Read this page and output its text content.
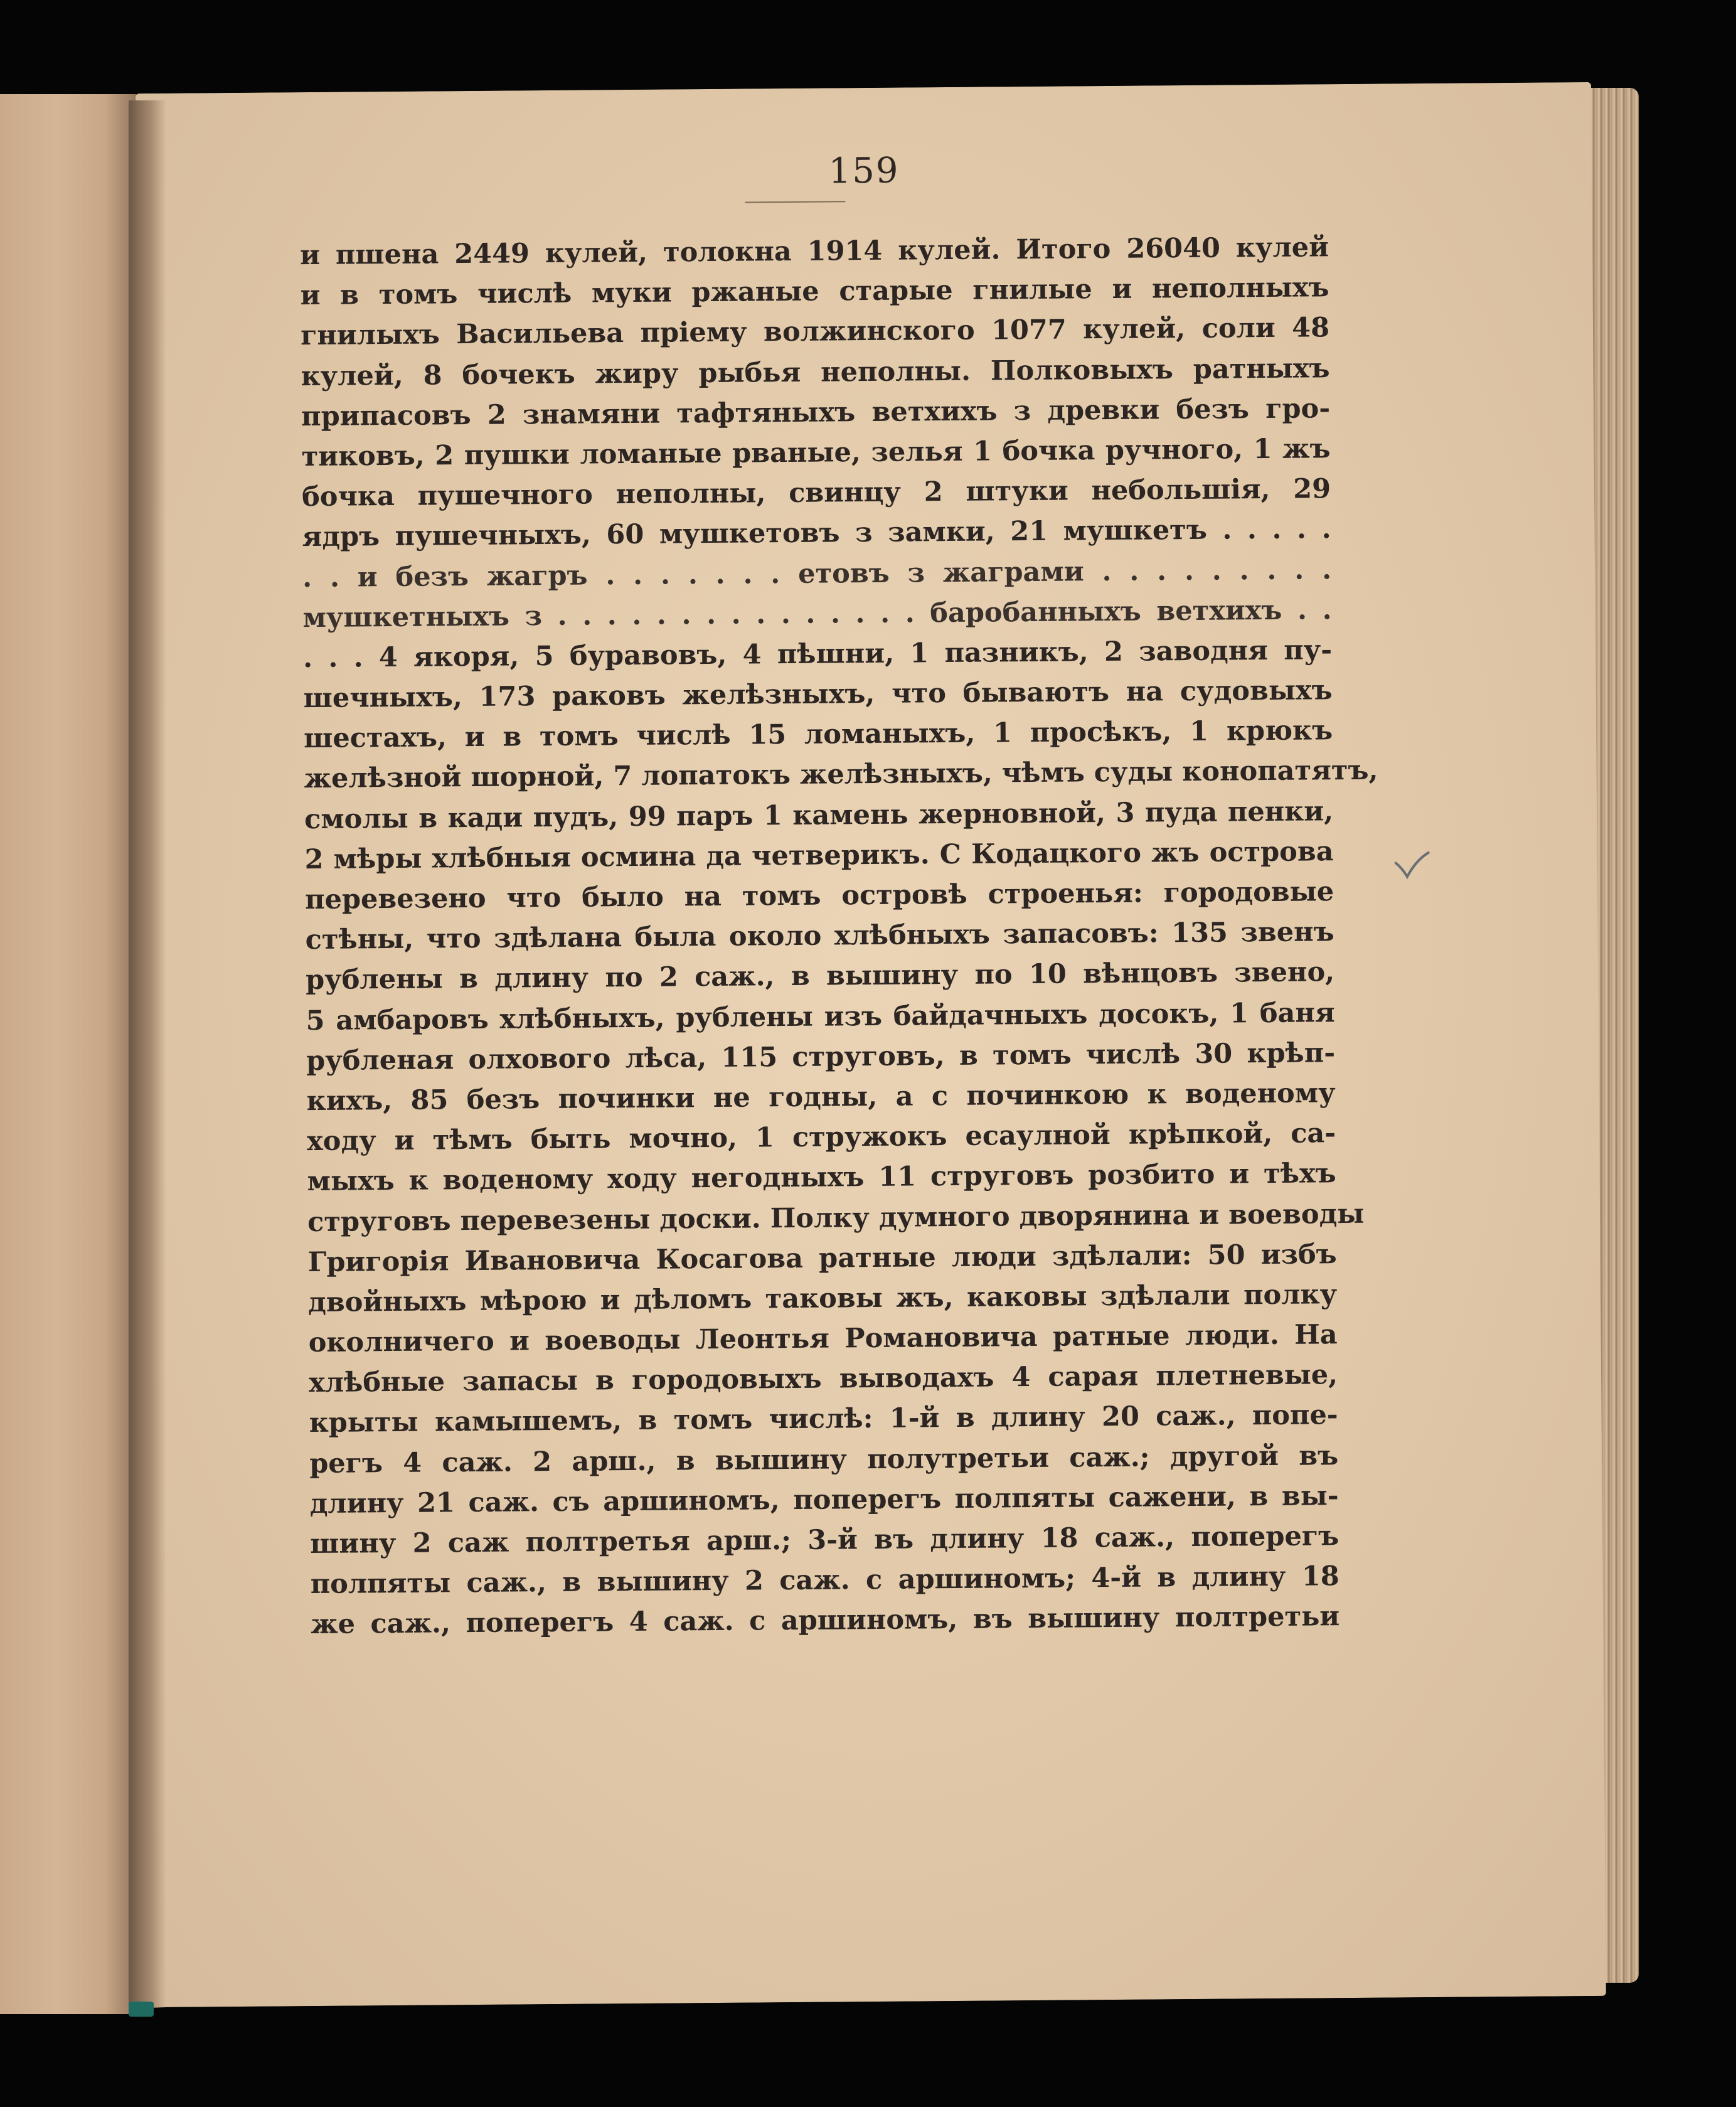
159
и пшена 2449 кулей, толокна 1914 кулей. Итого 26040 кулей
и в томъ числѣ муки ржаные старые гнилые и неполныхъ
гнилыхъ Васильева пріему волжинского 1077 кулей, соли 48
кулей, 8 бочекъ жиру рыбья неполны. Полковыхъ ратныхъ
припасовъ 2 знамяни тафтяныхъ ветхихъ з древки безъ гро-
тиковъ, 2 пушки ломаные рваные, зелья 1 бочка ручного, 1 жъ
бочка пушечного неполны, свинцу 2 штуки небольшія, 29
ядръ пушечныхъ, 60 мушкетовъ з замки, 21 мушкетъ . . . . .
. . и безъ жагръ . . . . . . . етовъ з жаграми . . . . . . . . .
мушкетныхъ з . . . . . . . . . . . . . . . баробанныхъ ветхихъ . .
. . . 4 якоря, 5 буравовъ, 4 пѣшни, 1 пазникъ, 2 заводня пу-
шечныхъ, 173 раковъ желѣзныхъ, что бываютъ на судовыхъ
шестахъ, и в томъ числѣ 15 ломаныхъ, 1 просѣкъ, 1 крюкъ
желѣзной шорной, 7 лопатокъ желѣзныхъ, чѣмъ суды конопатятъ,
смолы в кади пудъ, 99 паръ 1 камень жерновной, 3 пуда пенки,
2 мѣры хлѣбныя осмина да четверикъ. С Кодацкого жъ острова
перевезено что было на томъ островѣ строенья: городовые
стѣны, что здѣлана была около хлѣбныхъ запасовъ: 135 звенъ
рублены в длину по 2 саж., в вышину по 10 вѣнцовъ звено,
5 амбаровъ хлѣбныхъ, рублены изъ байдачныхъ досокъ, 1 баня
рубленая олхового лѣса, 115 струговъ, в томъ числѣ 30 крѣп-
кихъ, 85 безъ починки не годны, а с починкою к воденому
ходу и тѣмъ быть мочно, 1 стружокъ есаулной крѣпкой, са-
мыхъ к воденому ходу негодныхъ 11 струговъ розбито и тѣхъ
струговъ перевезены доски. Полку думного дворянина и воеводы
Григорія Ивановича Косагова ратные люди здѣлали: 50 избъ
двойныхъ мѣрою и дѣломъ таковы жъ, каковы здѣлали полку
околничего и воеводы Леонтья Романовича ратные люди. На
хлѣбные запасы в городовыхъ выводахъ 4 сарая плетневые,
крыты камышемъ, в томъ числѣ: 1-й в длину 20 саж., попе-
регъ 4 саж. 2 арш., в вышину полутретьи саж.; другой въ
длину 21 саж. съ аршиномъ, поперегъ полпяты сажени, в вы-
шину 2 саж полтретья арш.; 3-й въ длину 18 саж., поперегъ
полпяты саж., в вышину 2 саж. с аршиномъ; 4-й в длину 18
же саж., поперегъ 4 саж. с аршиномъ, въ вышину полтретьи
